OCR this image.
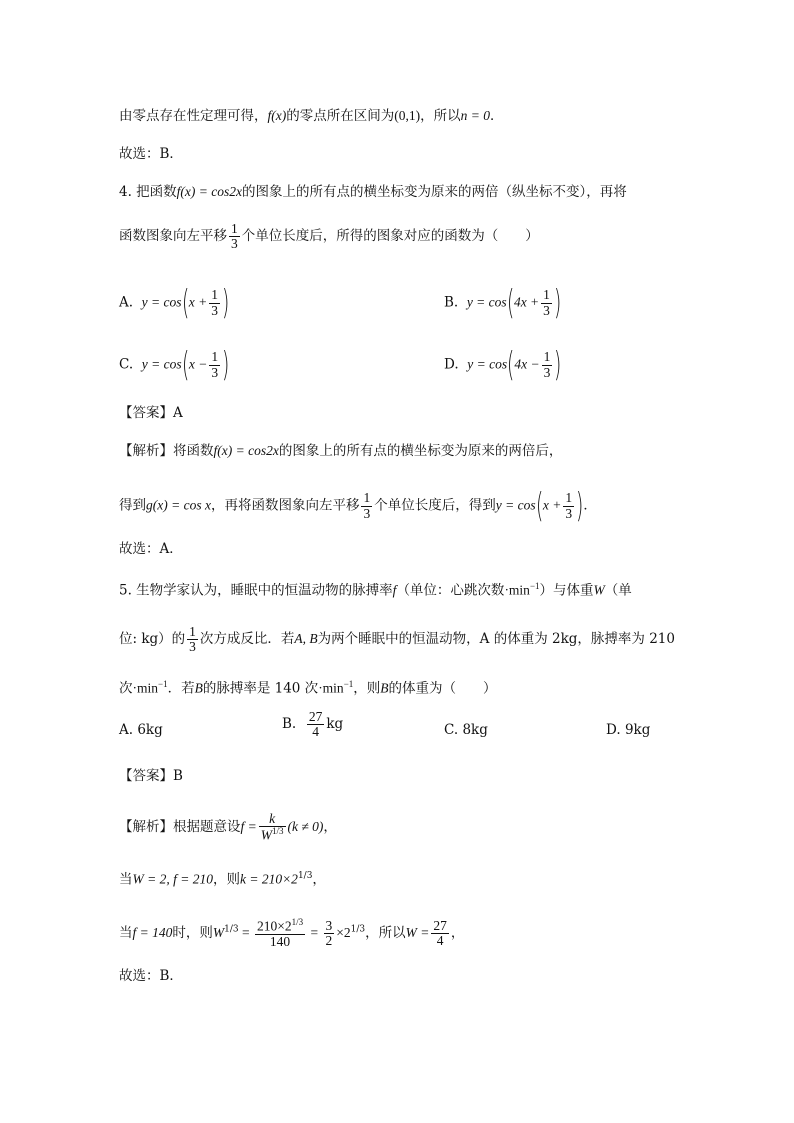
由零点存在性定理可得，f(x)的零点所在区间为(0,1)，所以n = 0．
故选：B．
4. 把函数f(x) = cos2x的图象上的所有点的横坐标变为原来的两倍（纵坐标不变），再将
函数图象向左平移 $\frac{1}{3}$ 个单位长度后，所得的图象对应的函数为（　　）
A. $y = \cos(x + \frac{1}{3}$ )	B. $y = \cos(4x + \frac{1}{3}$ )
C. $y = \cos(x - \frac{1}{3}$ )	D. $y = \cos(4x - \frac{1}{3}$ )
【答案】A
【解析】将函数f(x) = cos2x的图象上的所有点的横坐标变为原来的两倍后，
得到g(x) = cos x，再将函数图象向左平移 $\frac{1}{3}$ 个单位长度后，得到$y = \cos(x + \frac{1}{3}$ )．
故选：A．
5. 生物学家认为，睡眠中的恒温动物的脉搏率f（单位：心跳次数$\cdot\min^{-1}$）与体重W（单
位: kg）的 $\frac{1}{3}$ 次方成反比．若A, B为两个睡眠中的恒温动物，A 的体重为 2kg，脉搏率为 210
次$\cdot\min^{-1}$．若B的脉搏率是 140 次$\cdot\min^{-1}$，则B的体重为（　　）
A. 6kg	B. $\frac{27}{4}$ kg	C. 8kg	D. 9kg
【答案】B
【解析】根据题意设$f = \frac{k}{W^{1/3}} (k \ne 0)$，
当W = 2, f = 210，则$k = 210\times 2^{1/3}$，
当f = 140时，则$W^{1/3} = \frac{210\times 2^{1/3}}{140} = \frac{3}{2} \times 2^{1/3}$，所以$W = \frac{27}{4}$ ，
故选：B．
